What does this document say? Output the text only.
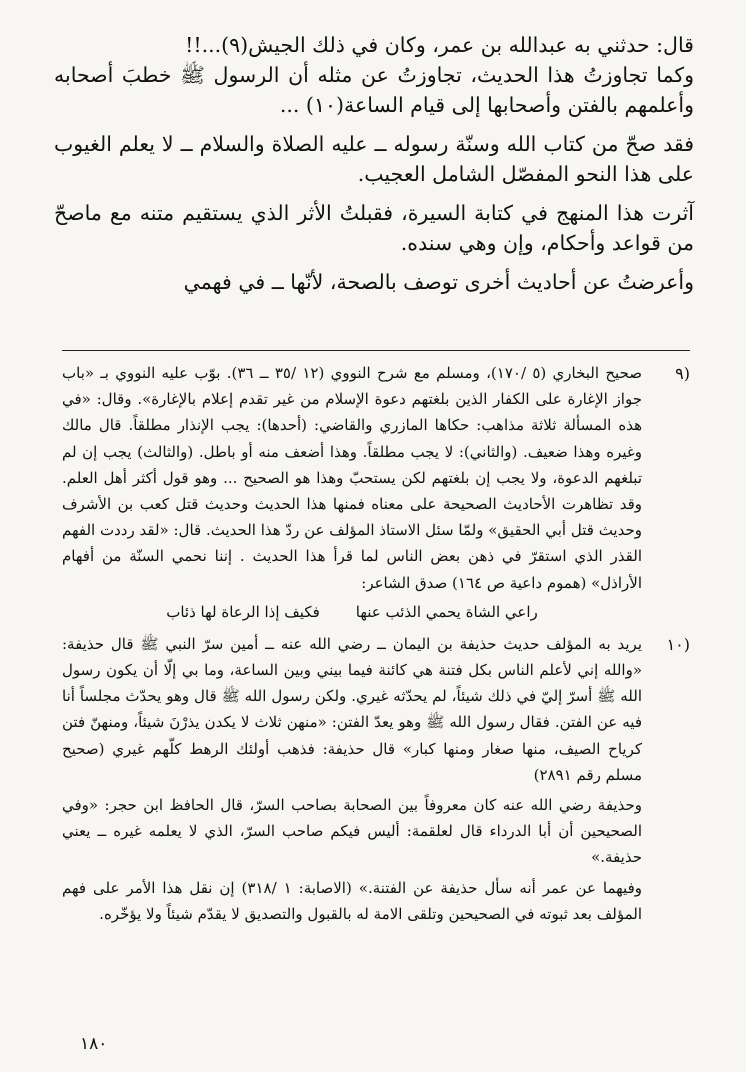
قال: حدثني به عبدالله بن عمر، وكان في ذلك الجيش(٩)...!!

وكما تجاوزتُ هذا الحديث، تجاوزتُ عن مثله أن الرسول ﷺ خطبَ أصحابه وأعلمهم بالفتن وأصحابها إلى قيام الساعة(١٠) ...

فقد صحّ من كتاب الله وسنّة رسوله ــ عليه الصلاة والسلام ــ لا يعلم الغيوب على هذا النحو المفصّل الشامل العجيب.

آثرت هذا المنهج في كتابة السيرة، فقبلتُ الأثر الذي يستقيم متنه مع ماصحّ من قواعد وأحكام، وإن وهي سنده.

وأعرضتُ عن أحاديث أخرى توصف بالصحة، لأنّها ــ في فهمي

٩)

صحيح البخاري (٥ /١٧٠)، ومسلم مع شرح النووي (١٢ /٣٥ ــ ٣٦). بوّب عليه النووي بـ «باب جواز الإغارة على الكفار الذين بلغتهم دعوة الإسلام من غير تقدم إعلام بالإغارة». وقال: «في هذه المسألة ثلاثة مذاهب: حكاها المازري والقاضي: (أحدها): يجب الإنذار مطلقاً. قال مالك وغيره وهذا ضعيف. (والثاني): لا يجب مطلقاً. وهذا أضعف منه أو باطل. (والثالث) يجب إن لم تبلغهم الدعوة، ولا يجب إن بلغتهم لكن يستحبّ وهذا هو الصحيح ... وهو قول أكثر أهل العلم. وقد تظاهرت الأحاديث الصحيحة على معناه فمنها هذا الحديث وحديث قتل كعب بن الأشرف وحديث قتل أبي الحقيق» ولمّا سئل الاستاذ المؤلف عن ردّ هذا الحديث. قال: «لقد رددت الفهم القذر الذي استقرّ في ذهن بعض الناس لما قرأ هذا الحديث . إننا نحمي السنّة من أفهام الأراذل» (هموم داعية ص ١٦٤) صدق الشاعر:

راعي الشاة يحمي الذئب عنها
فكيف إذا الرعاة لها ذئاب
١٠)

يريد به المؤلف حديث حذيفة بن اليمان ــ رضي الله عنه ــ أمين سرّ النبي ﷺ قال حذيفة: «والله إني لأعلم الناس بكل فتنة هي كائنة فيما بيني وبين الساعة، وما بي إلّا أن يكون رسول الله ﷺ أسرّ إليّ في ذلك شيئاً، لم يحدّثه غيري. ولكن رسول الله ﷺ قال وهو يحدّث مجلساً أنا فيه عن الفتن. فقال رسول الله ﷺ وهو يعدّ الفتن: «منهن ثلاث لا يكدن يذرْنَ شيئاً، ومنهنّ فتن كرياح الصيف، منها صغار ومنها كبار» قال حذيفة: فذهب أولئك الرهط كلّهم غيري (صحيح مسلم رقم ٢٨٩١)

وحذيفة رضي الله عنه كان معروفاً بين الصحابة بصاحب السرّ، قال الحافظ ابن حجر: «وفي الصحيحين أن أبا الدرداء قال لعلقمة: أليس فيكم صاحب السرّ، الذي لا يعلمه غيره ــ يعني حذيفة.»

وفيهما عن عمر أنه سأل حذيفة عن الفتنة.» (الاصابة: ١ /٣١٨) إن نقل هذا الأمر على فهم المؤلف بعد ثبوته في الصحيحين وتلقى الامة له بالقبول والتصديق لا يقدّم شيئاً ولا يؤخّره.

١٨٠
